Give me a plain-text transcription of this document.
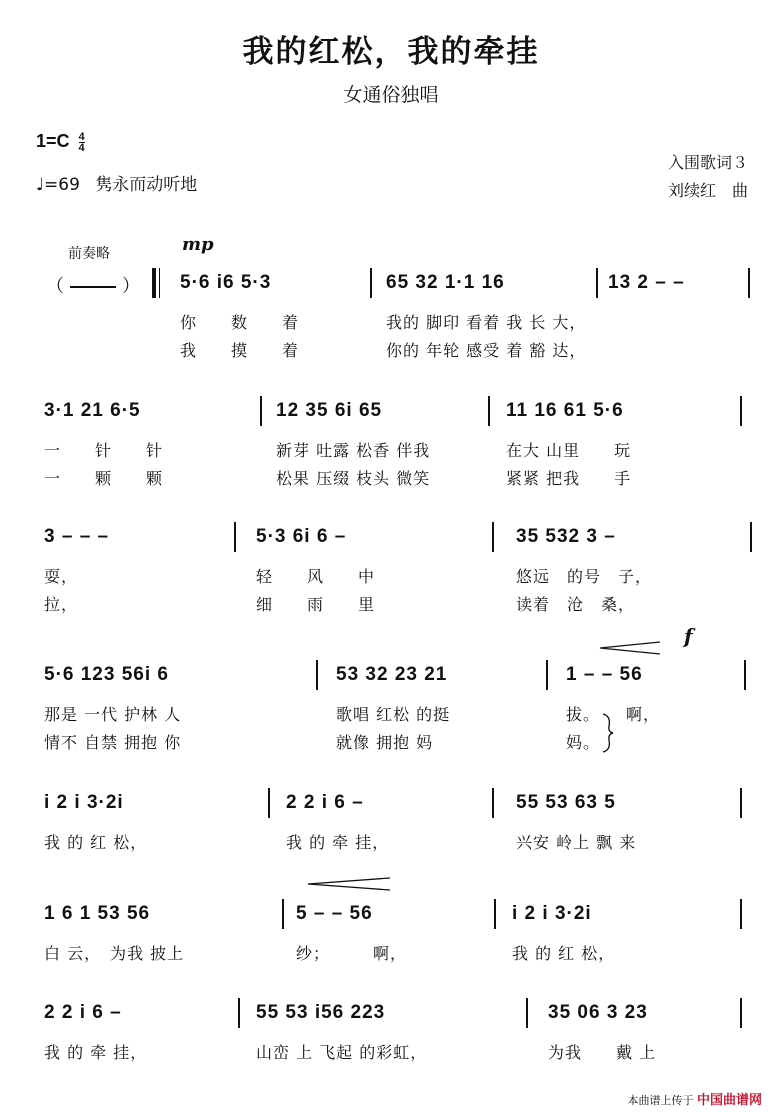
我的红松，我的牵挂
女通俗独唱
$1=C \frac{4}{4}$
♩=69 隽永而动听地
入围歌词３
刘续红　曲
前奏略
（	）
mp
f
5·6 i6 5·3	65 32 1·1 16	13 2 – –
你　　数　　着	我的 脚印 看着 我 长 大，
我　　摸　　着	你的 年轮 感受 着 豁 达，
3·1 21 6·5	12 35 6i 65	11 16 61 5·6
一　　针　　针	新芽 吐露 松香 伴我	在大 山里　　玩
一　　颗　　颗	松果 压缀 枝头 微笑	紧紧 把我　　手
3 – – –	5·3 6i 6 –	35 532 3 –
耍，	轻　　风　　中	悠远　的号　子，
拉，	细　　雨　　里	读着　沧　桑，
5·6 123 56i 6	53 32 23 21	1 – – 56
那是 一代 护林 人	歌唱 红松 的挺	拔。　　啊，
情不 自禁 拥抱 你	就像 拥抱 妈	妈。
i 2 i 3·2i	2 2 i 6 –	55 53 63 5
我 的 红 松，	我 的 牵 挂，	兴安 岭上 飘 来
1 6 1 53 56	5 – – 56	i 2 i 3·2i
白 云，　为我 披上	纱；　　　啊，	我 的 红 松，
2 2 i 6 –	55 53 i56 223	35 06 3 23
我 的 牵 挂，	山峦 上 飞起 的彩虹，	为我　　戴 上
本曲谱上传于 中国曲谱网
